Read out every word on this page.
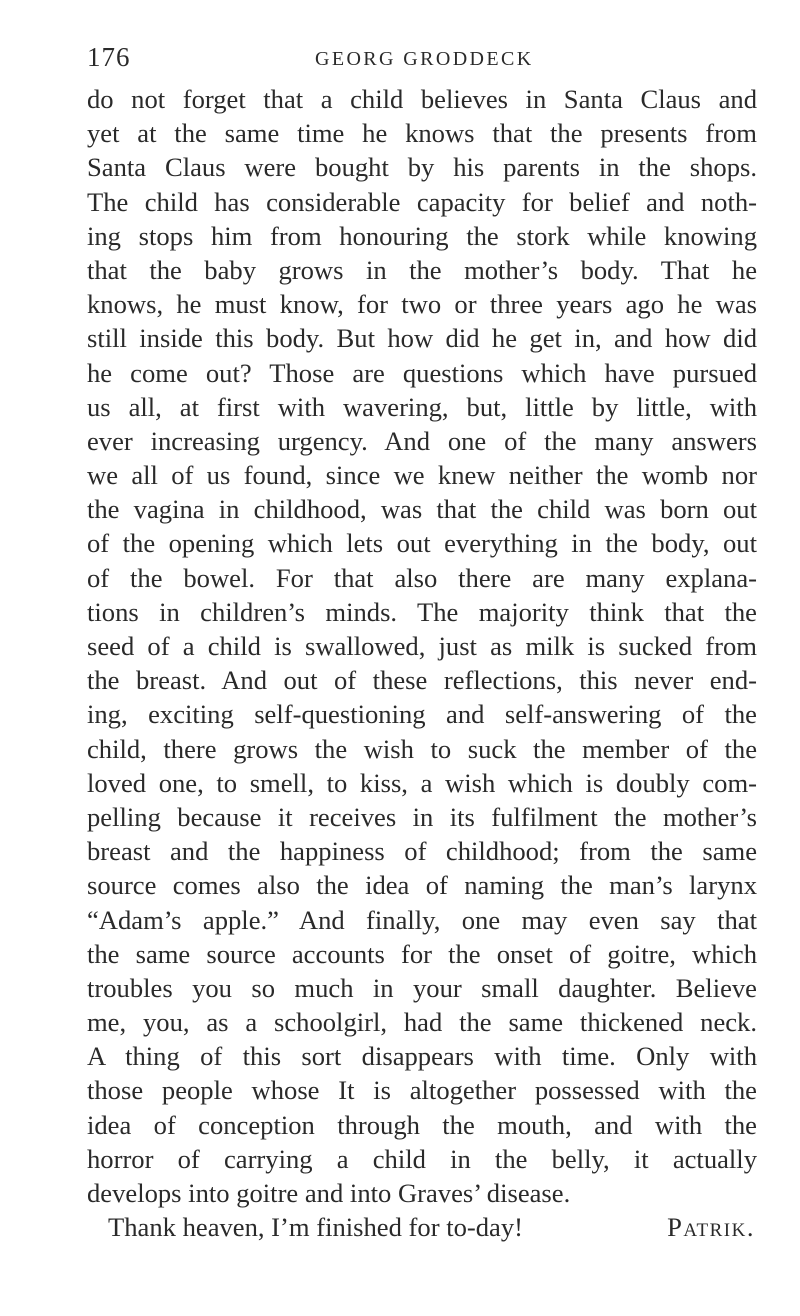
176	GEORG GRODDECK
do not forget that a child believes in Santa Claus and
yet at the same time he knows that the presents from
Santa Claus were bought by his parents in the shops.
The child has considerable capacity for belief and noth-
ing stops him from honouring the stork while knowing
that the baby grows in the mother’s body. That he
knows, he must know, for two or three years ago he was
still inside this body. But how did he get in, and how did
he come out? Those are questions which have pursued
us all, at first with wavering, but, little by little, with
ever increasing urgency. And one of the many answers
we all of us found, since we knew neither the womb nor
the vagina in childhood, was that the child was born out
of the opening which lets out everything in the body, out
of the bowel. For that also there are many explana-
tions in children’s minds. The majority think that the
seed of a child is swallowed, just as milk is sucked from
the breast. And out of these reflections, this never end-
ing, exciting self-questioning and self-answering of the
child, there grows the wish to suck the member of the
loved one, to smell, to kiss, a wish which is doubly com-
pelling because it receives in its fulfilment the mother’s
breast and the happiness of childhood; from the same
source comes also the idea of naming the man’s larynx
“Adam’s apple.” And finally, one may even say that
the same source accounts for the onset of goitre, which
troubles you so much in your small daughter. Believe
me, you, as a schoolgirl, had the same thickened neck.
A thing of this sort disappears with time. Only with
those people whose It is altogether possessed with the
idea of conception through the mouth, and with the
horror of carrying a child in the belly, it actually
develops into goitre and into Graves’ disease.
Thank heaven, I’m finished for to-day!	Patrik.
